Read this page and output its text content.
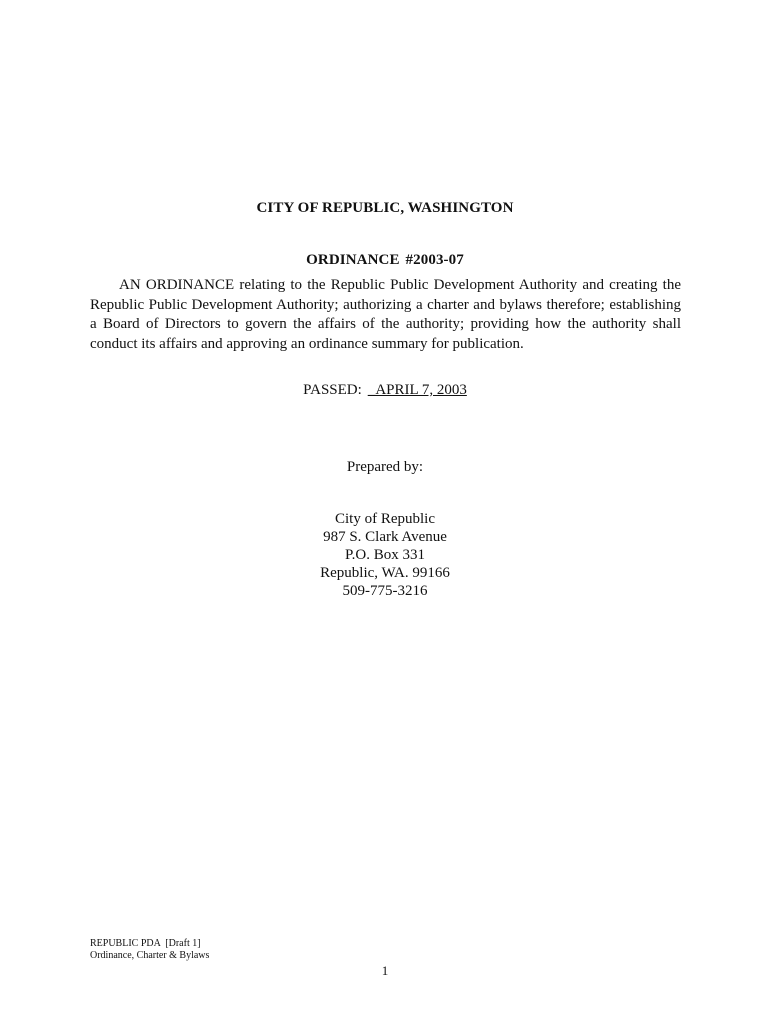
CITY OF REPUBLIC, WASHINGTON
ORDINANCE #2003-07
AN ORDINANCE relating to the Republic Public Development Authority and creating the Republic Public Development Authority; authorizing a charter and bylaws therefore; establishing a Board of Directors to govern the affairs of the authority; providing how the authority shall conduct its affairs and approving an ordinance summary for publication.
PASSED: _APRIL 7, 2003
Prepared by:
City of Republic
987 S. Clark Avenue
P.O. Box 331
Republic, WA. 99166
509-775-3216
REPUBLIC PDA  [Draft 1]
Ordinance, Charter & Bylaws
1
